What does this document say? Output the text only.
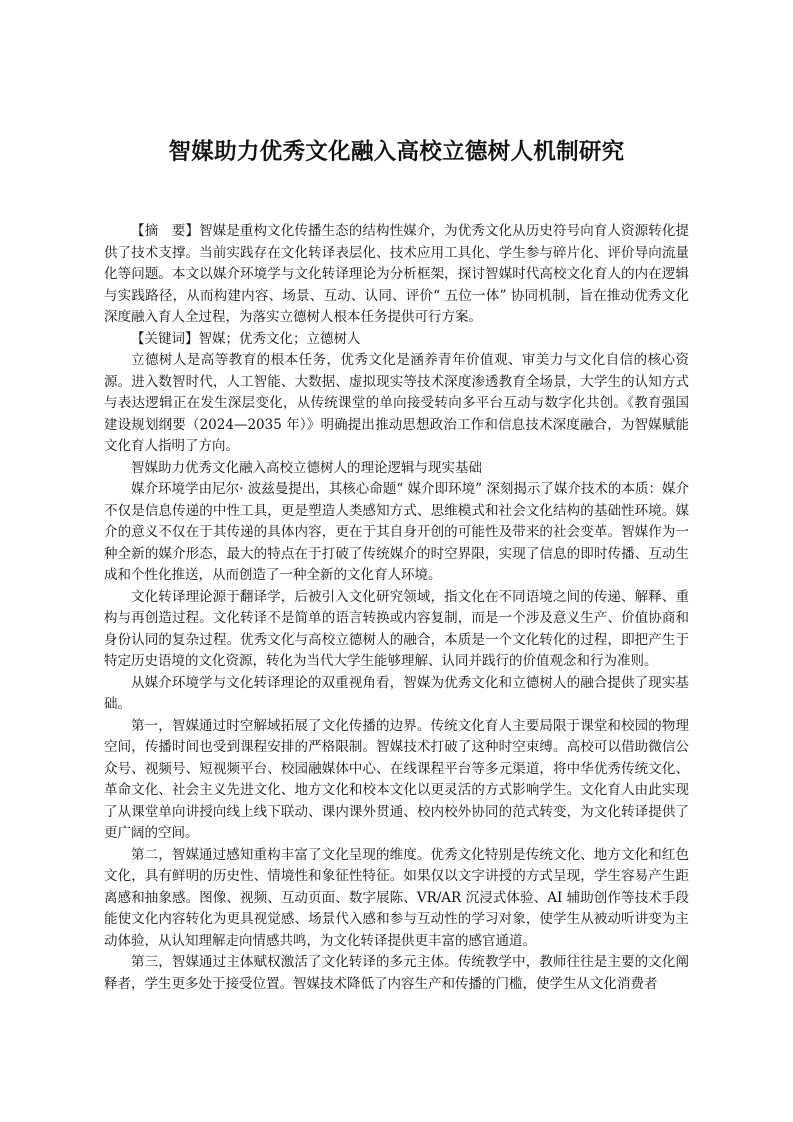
智媒助力优秀文化融入高校立德树人机制研究

【摘　要】智媒是重构文化传播生态的结构性媒介，为优秀文化从历史符号向育人资源转化提供了技术支撑。当前实践存在文化转译表层化、技术应用工具化、学生参与碎片化、评价导向流量化等问题。本文以媒介环境学与文化转译理论为分析框架，探讨智媒时代高校文化育人的内在逻辑与实践路径，从而构建内容、场景、互动、认同、评价“ 五位一体” 协同机制，旨在推动优秀文化深度融入育人全过程，为落实立德树人根本任务提供可行方案。

【关键词】智媒；优秀文化；立德树人

立德树人是高等教育的根本任务，优秀文化是涵养青年价值观、审美力与文化自信的核心资源。进入数智时代，人工智能、大数据、虚拟现实等技术深度渗透教育全场景，大学生的认知方式与表达逻辑正在发生深层变化，从传统课堂的单向接受转向多平台互动与数字化共创。《教育强国建设规划纲要（2024—2035 年）》明确提出推动思想政治工作和信息技术深度融合，为智媒赋能文化育人指明了方向。

智媒助力优秀文化融入高校立德树人的理论逻辑与现实基础

媒介环境学由尼尔· 波兹曼提出，其核心命题“ 媒介即环境” 深刻揭示了媒介技术的本质：媒介不仅是信息传递的中性工具，更是塑造人类感知方式、思维模式和社会文化结构的基础性环境。媒介的意义不仅在于其传递的具体内容，更在于其自身开创的可能性及带来的社会变革。智媒作为一种全新的媒介形态，最大的特点在于打破了传统媒介的时空界限，实现了信息的即时传播、互动生成和个性化推送，从而创造了一种全新的文化育人环境。

文化转译理论源于翻译学，后被引入文化研究领域，指文化在不同语境之间的传递、解释、重构与再创造过程。文化转译不是简单的语言转换或内容复制，而是一个涉及意义生产、价值协商和身份认同的复杂过程。优秀文化与高校立德树人的融合，本质是一个文化转化的过程，即把产生于特定历史语境的文化资源，转化为当代大学生能够理解、认同并践行的价值观念和行为准则。

从媒介环境学与文化转译理论的双重视角看，智媒为优秀文化和立德树人的融合提供了现实基础。

第一，智媒通过时空解域拓展了文化传播的边界。传统文化育人主要局限于课堂和校园的物理空间，传播时间也受到课程安排的严格限制。智媒技术打破了这种时空束缚。高校可以借助微信公众号、视频号、短视频平台、校园融媒体中心、在线课程平台等多元渠道，将中华优秀传统文化、革命文化、社会主义先进文化、地方文化和校本文化以更灵活的方式影响学生。文化育人由此实现了从课堂单向讲授向线上线下联动、课内课外贯通、校内校外协同的范式转变，为文化转译提供了更广阔的空间。

第二，智媒通过感知重构丰富了文化呈现的维度。优秀文化特别是传统文化、地方文化和红色文化，具有鲜明的历史性、情境性和象征性特征。如果仅以文字讲授的方式呈现，学生容易产生距离感和抽象感。图像、视频、互动页面、数字展陈、VR/AR 沉浸式体验、AI 辅助创作等技术手段能使文化内容转化为更具视觉感、场景代入感和参与互动性的学习对象，使学生从被动听讲变为主动体验，从认知理解走向情感共鸣，为文化转译提供更丰富的感官通道。

第三，智媒通过主体赋权激活了文化转译的多元主体。传统教学中，教师往往是主要的文化阐释者，学生更多处于接受位置。智媒技术降低了内容生产和传播的门槛，使学生从文化消费者
